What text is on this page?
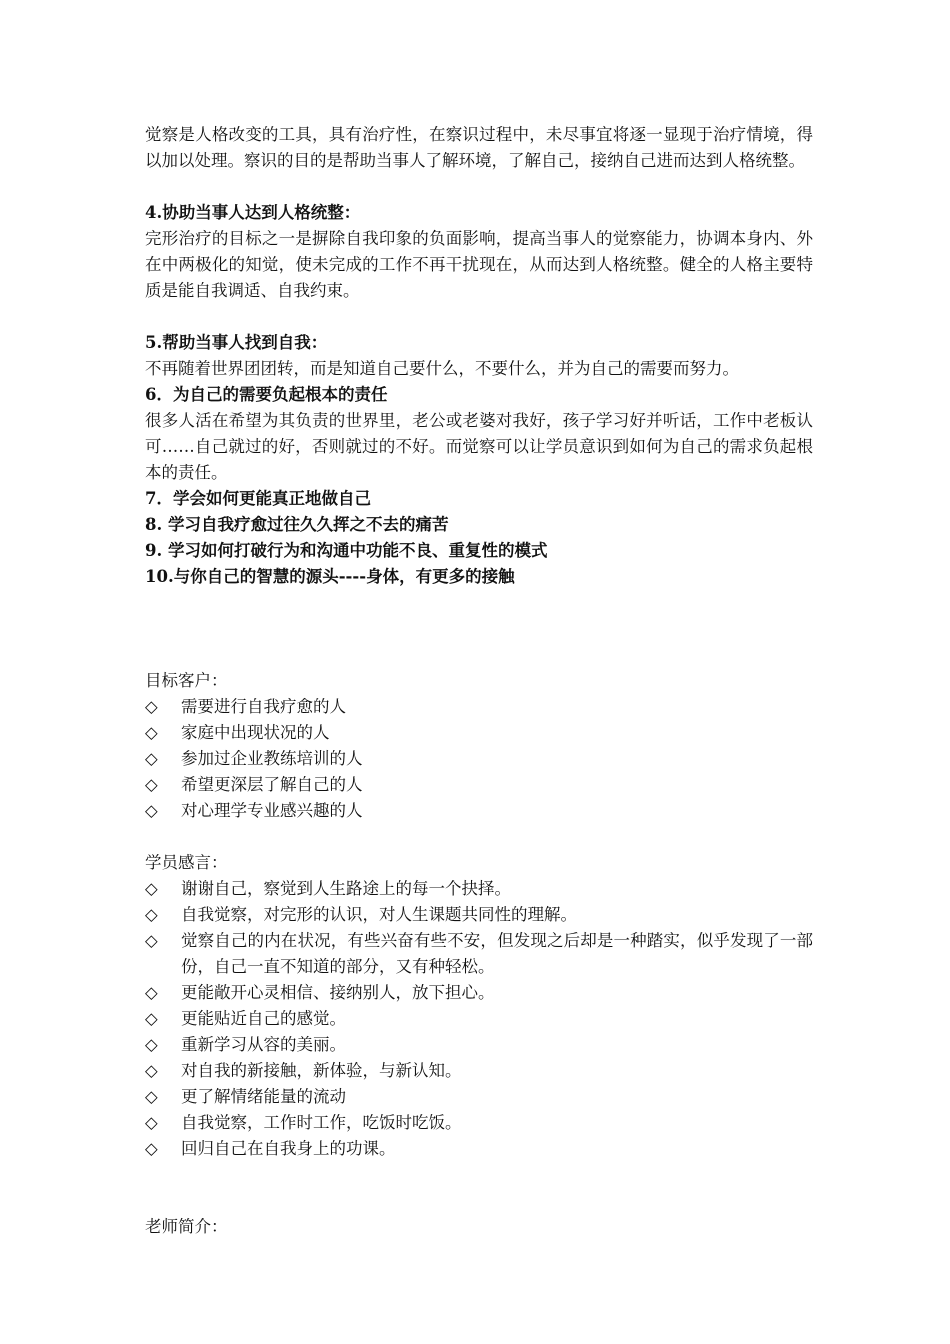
觉察是人格改变的工具，具有治疗性，在察识过程中，未尽事宜将逐一显现于治疗情境，得以加以处理。察识的目的是帮助当事人了解环境，了解自己，接纳自己进而达到人格统整。
4.协助当事人达到人格统整：
完形治疗的目标之一是摒除自我印象的负面影响，提高当事人的觉察能力，协调本身内、外在中两极化的知觉，使未完成的工作不再干扰现在，从而达到人格统整。健全的人格主要特质是能自我调适、自我约束。
5.帮助当事人找到自我：
不再随着世界团团转，而是知道自己要什么，不要什么，并为自己的需要而努力。
6．为自己的需要负起根本的责任
很多人活在希望为其负责的世界里，老公或老婆对我好，孩子学习好并听话，工作中老板认可……自己就过的好，否则就过的不好。而觉察可以让学员意识到如何为自己的需求负起根本的责任。
7．学会如何更能真正地做自己
8. 学习自我疗愈过往久久挥之不去的痛苦
9. 学习如何打破行为和沟通中功能不良、重复性的模式
10.与你自己的智慧的源头----身体，有更多的接触
目标客户：
◇	需要进行自我疗愈的人
◇	家庭中出现状况的人
◇	参加过企业教练培训的人
◇	希望更深层了解自己的人
◇	对心理学专业感兴趣的人
学员感言：
◇	谢谢自己，察觉到人生路途上的每一个抉择。
◇	自我觉察，对完形的认识，对人生课题共同性的理解。
◇	觉察自己的内在状况，有些兴奋有些不安，但发现之后却是一种踏实，似乎发现了一部份，自己一直不知道的部分，又有种轻松。
◇	更能敞开心灵相信、接纳别人，放下担心。
◇	更能贴近自己的感觉。
◇	重新学习从容的美丽。
◇	对自我的新接触，新体验，与新认知。
◇	更了解情绪能量的流动
◇	自我觉察，工作时工作，吃饭时吃饭。
◇	回归自己在自我身上的功课。
老师简介：
